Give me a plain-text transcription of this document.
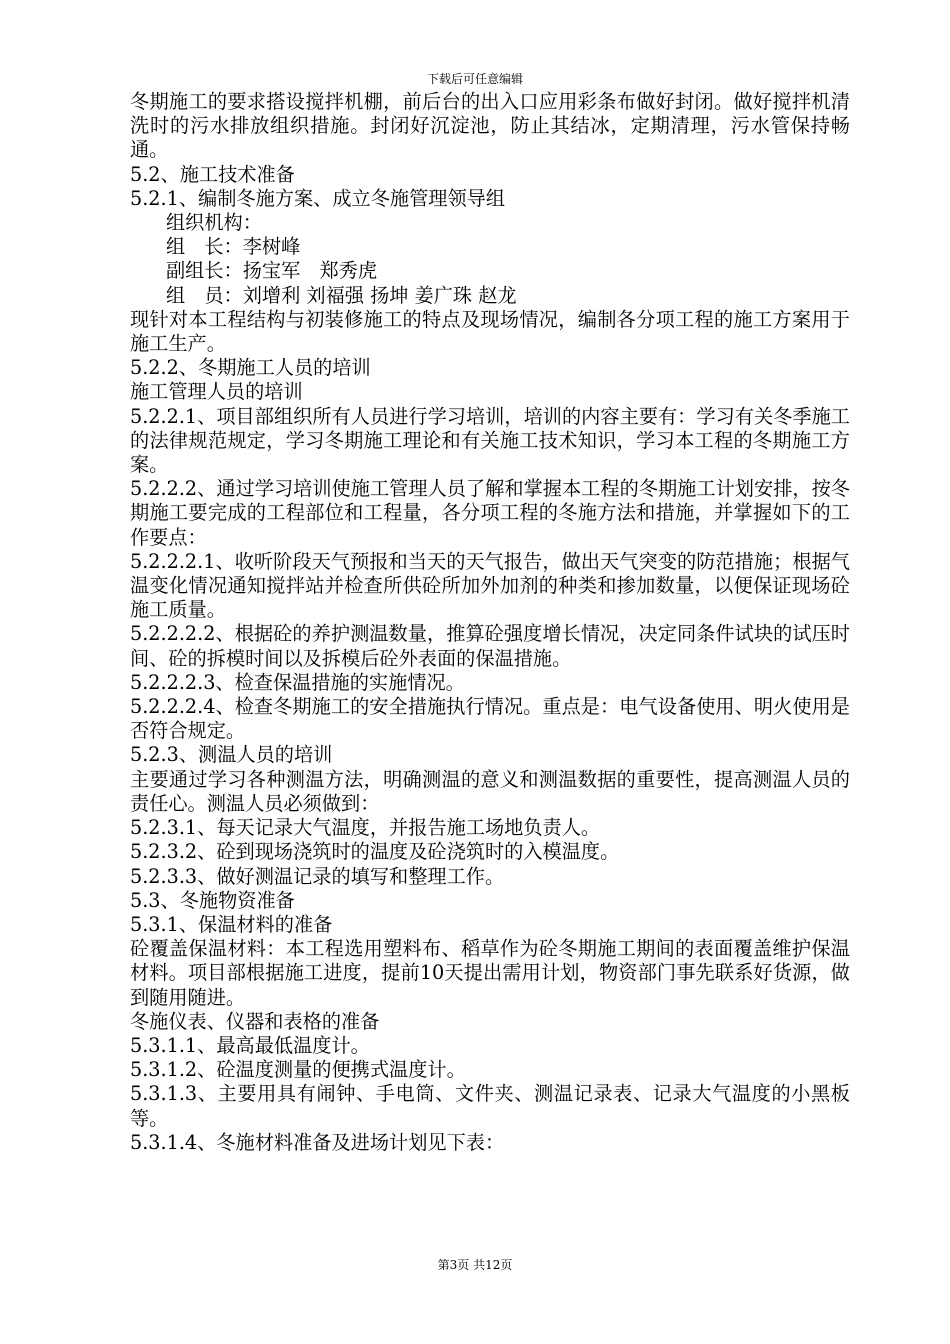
下载后可任意编辑

冬期施工的要求搭设搅拌机棚，前后台的出入口应用彩条布做好封闭。做好搅拌机清洗时的污水排放组织措施。封闭好沉淀池，防止其结冰，定期清理，污水管保持畅通。

5.2、施工技术准备

5.2.1、编制冬施方案、成立冬施管理领导组

组织机构：

组　长：李树峰

副组长：扬宝军　郑秀虎

组　员：刘增利 刘福强 扬坤 姜广珠 赵龙

现针对本工程结构与初装修施工的特点及现场情况，编制各分项工程的施工方案用于施工生产。

5.2.2、冬期施工人员的培训

施工管理人员的培训

5.2.2.1、项目部组织所有人员进行学习培训，培训的内容主要有：学习有关冬季施工的法律规范规定，学习冬期施工理论和有关施工技术知识，学习本工程的冬期施工方案。

5.2.2.2、通过学习培训使施工管理人员了解和掌握本工程的冬期施工计划安排，按冬期施工要完成的工程部位和工程量，各分项工程的冬施方法和措施，并掌握如下的工作要点：

5.2.2.2.1、收听阶段天气预报和当天的天气报告，做出天气突变的防范措施；根据气温变化情况通知搅拌站并检查所供砼所加外加剂的种类和掺加数量，以便保证现场砼施工质量。

5.2.2.2.2、根据砼的养护测温数量，推算砼强度增长情况，决定同条件试块的试压时间、砼的拆模时间以及拆模后砼外表面的保温措施。

5.2.2.2.3、检查保温措施的实施情况。

5.2.2.2.4、检查冬期施工的安全措施执行情况。重点是：电气设备使用、明火使用是否符合规定。

5.2.3、测温人员的培训

主要通过学习各种测温方法，明确测温的意义和测温数据的重要性，提高测温人员的责任心。测温人员必须做到：

5.2.3.1、每天记录大气温度，并报告施工场地负责人。

5.2.3.2、砼到现场浇筑时的温度及砼浇筑时的入模温度。

5.2.3.3、做好测温记录的填写和整理工作。

5.3、冬施物资准备

5.3.1、保温材料的准备

砼覆盖保温材料：本工程选用塑料布、稻草作为砼冬期施工期间的表面覆盖维护保温材料。项目部根据施工进度，提前10天提出需用计划，物资部门事先联系好货源，做到随用随进。

冬施仪表、仪器和表格的准备

5.3.1.1、最高最低温度计。

5.3.1.2、砼温度测量的便携式温度计。

5.3.1.3、主要用具有闹钟、手电筒、文件夹、测温记录表、记录大气温度的小黑板等。

5.3.1.4、冬施材料准备及进场计划见下表：

第3页 共12页
